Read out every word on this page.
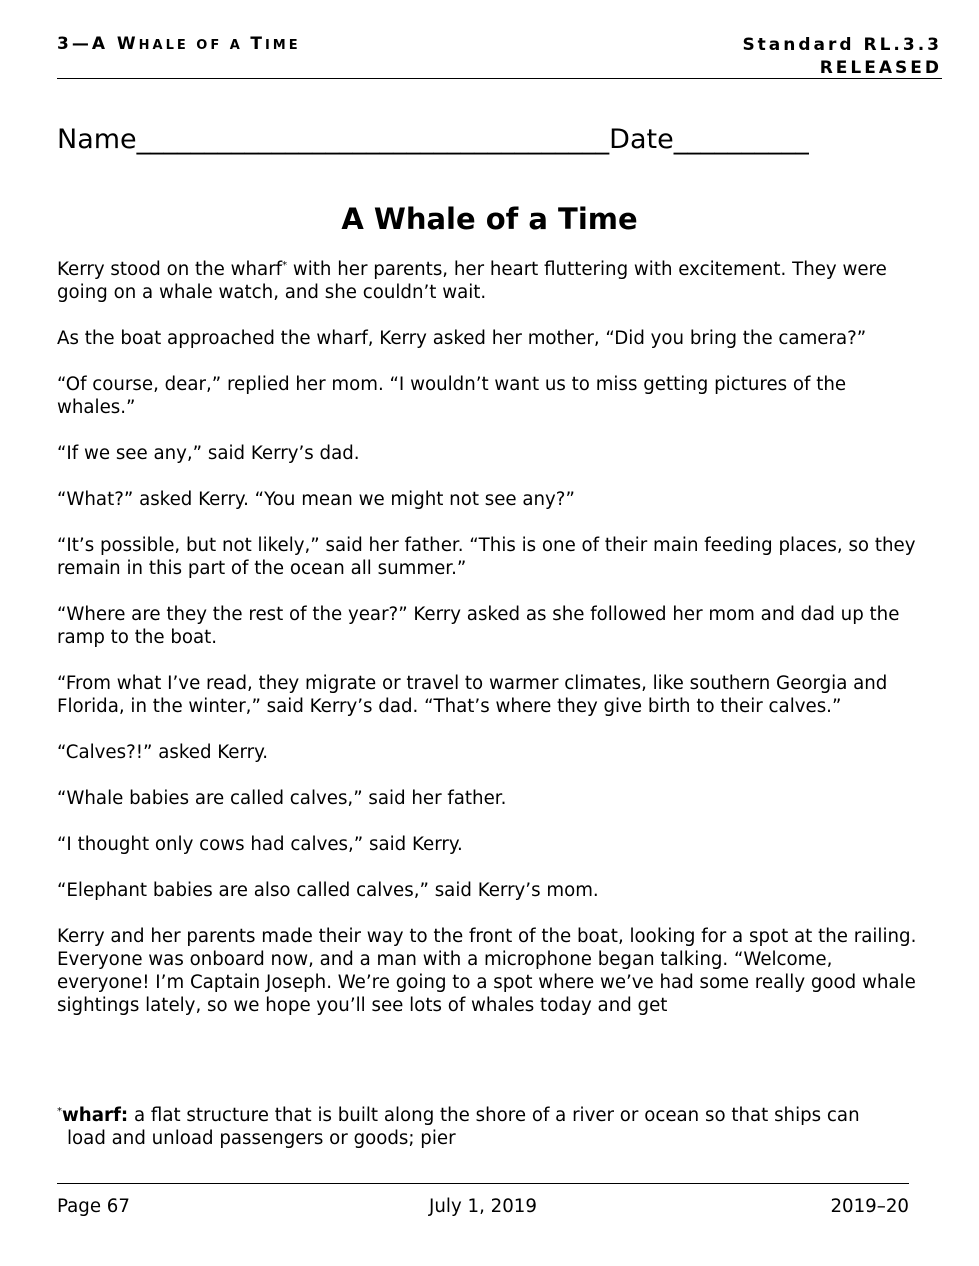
3—A WHALE OF A TIME	Standard RL.3.3
RELEASED
Name___________________________________Date__________
A Whale of a Time

Kerry stood on the wharf* with her parents, her heart fluttering with excitement. They were going on a whale watch, and she couldn’t wait.

As the boat approached the wharf, Kerry asked her mother, “Did you bring the camera?”

“Of course, dear,” replied her mom. “I wouldn’t want us to miss getting pictures of the whales.”

“If we see any,” said Kerry’s dad.

“What?” asked Kerry. “You mean we might not see any?”

“It’s possible, but not likely,” said her father. “This is one of their main feeding places, so they remain in this part of the ocean all summer.”

“Where are they the rest of the year?” Kerry asked as she followed her mom and dad up the ramp to the boat.

“From what I’ve read, they migrate or travel to warmer climates, like southern Georgia and Florida, in the winter,” said Kerry’s dad. “That’s where they give birth to their calves.”

“Calves?!” asked Kerry.

“Whale babies are called calves,” said her father.

“I thought only cows had calves,” said Kerry.

“Elephant babies are also called calves,” said Kerry’s mom.

Kerry and her parents made their way to the front of the boat, looking for a spot at the railing. Everyone was onboard now, and a man with a microphone began talking. “Welcome, everyone! I’m Captain Joseph. We’re going to a spot where we’ve had some really good whale sightings lately, so we hope you’ll see lots of whales today and get

*wharf: a flat structure that is built along the shore of a river or ocean so that ships can
load and unload passengers or goods; pier
July 1, 2019
Page 67	2019–20
